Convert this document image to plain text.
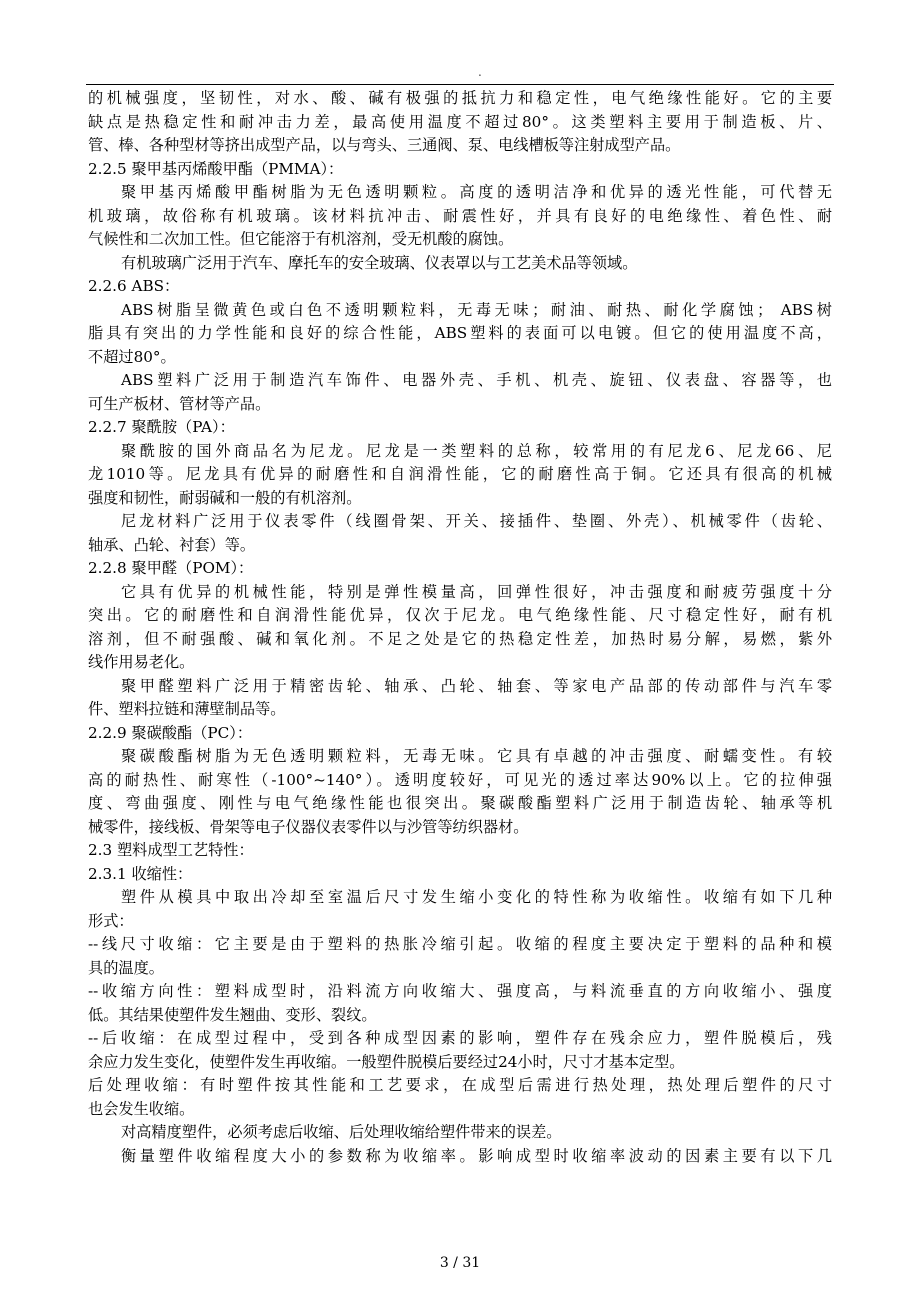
.
的机械强度，坚韧性，对水、酸、碱有极强的抵抗力和稳定性，电气绝缘性能好。它的主要
缺点是热稳定性和耐冲击力差，最高使用温度不超过80°。这类塑料主要用于制造板、片、
管、棒、各种型材等挤出成型产品，以与弯头、三通阀、泵、电线槽板等注射成型产品。
2.2.5 聚甲基丙烯酸甲酯（PMMA）：
聚甲基丙烯酸甲酯树脂为无色透明颗粒。高度的透明洁净和优异的透光性能，可代替无
机玻璃，故俗称有机玻璃。该材料抗冲击、耐震性好，并具有良好的电绝缘性、着色性、耐
气候性和二次加工性。但它能溶于有机溶剂，受无机酸的腐蚀。
有机玻璃广泛用于汽车、摩托车的安全玻璃、仪表罩以与工艺美术品等领域。
2.2.6 ABS：
ABS树脂呈微黄色或白色不透明颗粒料，无毒无味；耐油、耐热、耐化学腐蚀； ABS树
脂具有突出的力学性能和良好的综合性能，ABS塑料的表面可以电镀。但它的使用温度不高，
不超过80°。
ABS塑料广泛用于制造汽车饰件、电器外壳、手机、机壳、旋钮、仪表盘、容器等，也
可生产板材、管材等产品。
2.2.7 聚酰胺（PA）：
聚酰胺的国外商品名为尼龙。尼龙是一类塑料的总称，较常用的有尼龙6、尼龙66、尼
龙1010等。尼龙具有优异的耐磨性和自润滑性能，它的耐磨性高于铜。它还具有很高的机械
强度和韧性，耐弱碱和一般的有机溶剂。
尼龙材料广泛用于仪表零件（线圈骨架、开关、接插件、垫圈、外壳）、机械零件（齿轮、
轴承、凸轮、衬套）等。
2.2.8 聚甲醛（POM）：
它具有优异的机械性能，特别是弹性模量高，回弹性很好，冲击强度和耐疲劳强度十分
突出。它的耐磨性和自润滑性能优异，仅次于尼龙。电气绝缘性能、尺寸稳定性好，耐有机
溶剂，但不耐强酸、碱和氧化剂。不足之处是它的热稳定性差，加热时易分解，易燃，紫外
线作用易老化。
聚甲醛塑料广泛用于精密齿轮、轴承、凸轮、轴套、等家电产品部的传动部件与汽车零
件、塑料拉链和薄壁制品等。
2.2.9 聚碳酸酯（PC）：
聚碳酸酯树脂为无色透明颗粒料，无毒无味。它具有卓越的冲击强度、耐蠕变性。有较
高的耐热性、耐寒性（-100°~140°）。透明度较好，可见光的透过率达90%以上。它的拉伸强
度、弯曲强度、刚性与电气绝缘性能也很突出。聚碳酸酯塑料广泛用于制造齿轮、轴承等机
械零件，接线板、骨架等电子仪器仪表零件以与沙管等纺织器材。
2.3 塑料成型工艺特性：
2.3.1 收缩性：
塑件从模具中取出冷却至室温后尺寸发生缩小变化的特性称为收缩性。收缩有如下几种
形式：
--线尺寸收缩：它主要是由于塑料的热胀冷缩引起。收缩的程度主要决定于塑料的品种和模
具的温度。
--收缩方向性：塑料成型时，沿料流方向收缩大、强度高，与料流垂直的方向收缩小、强度
低。其结果使塑件发生翘曲、变形、裂纹。
--后收缩：在成型过程中，受到各种成型因素的影响，塑件存在残余应力，塑件脱模后，残
余应力发生变化，使塑件发生再收缩。一般塑件脱模后要经过24小时，尺寸才基本定型。
后处理收缩：有时塑件按其性能和工艺要求，在成型后需进行热处理，热处理后塑件的尺寸
也会发生收缩。
对高精度塑件，必须考虑后收缩、后处理收缩给塑件带来的误差。
衡量塑件收缩程度大小的参数称为收缩率。影响成型时收缩率波动的因素主要有以下几
3 / 31
